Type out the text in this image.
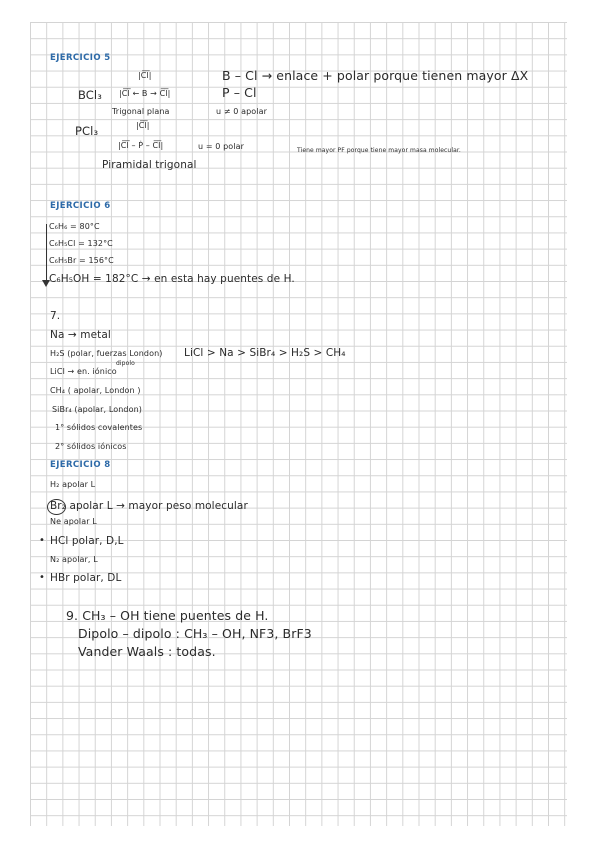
EJERCICIO 5
|C̅l̅|	B – Cl → enlace + polar porque tienen mayor ΔX
BCl₃ |C̅l̅ ← B → C̅l̅|	P – Cl
Trigonal plana	u ≠ 0 apolar
|C̅l̅|
PCl₃
|C̅l̅ – Ṗ – C̅l̅|	u = 0 polar	Tiene mayor PF porque tiene mayor masa molecular.
Piramidal trigonal
EJERCICIO 6
C₆H₆ = 80°C
C₆H₅Cl = 132°C
C₆H₅Br = 156°C
C₆H₅OH = 182°C → en esta hay puentes de H.
7.
Na → metal
H₂S (polar, fuerzas London)
dipolo
LiCl > Na > SiBr₄ > H₂S > CH₄
LiCl → en. iónico
CH₄ ( apolar, London )
SiBr₄ (apolar, London)
1° sólidos covalentes
2° sólidos iónicos
EJERCICIO 8
H₂ apolar L
Br₂ apolar L → mayor peso molecular
Ne apolar L
• HCl polar, D,L
N₂ apolar, L
• HBr polar, DL
9. CH₃ – OH tiene puentes de H.
Dipolo – dipolo : CH₃ – OH, NF3, BrF3
Vander Waals : todas.
